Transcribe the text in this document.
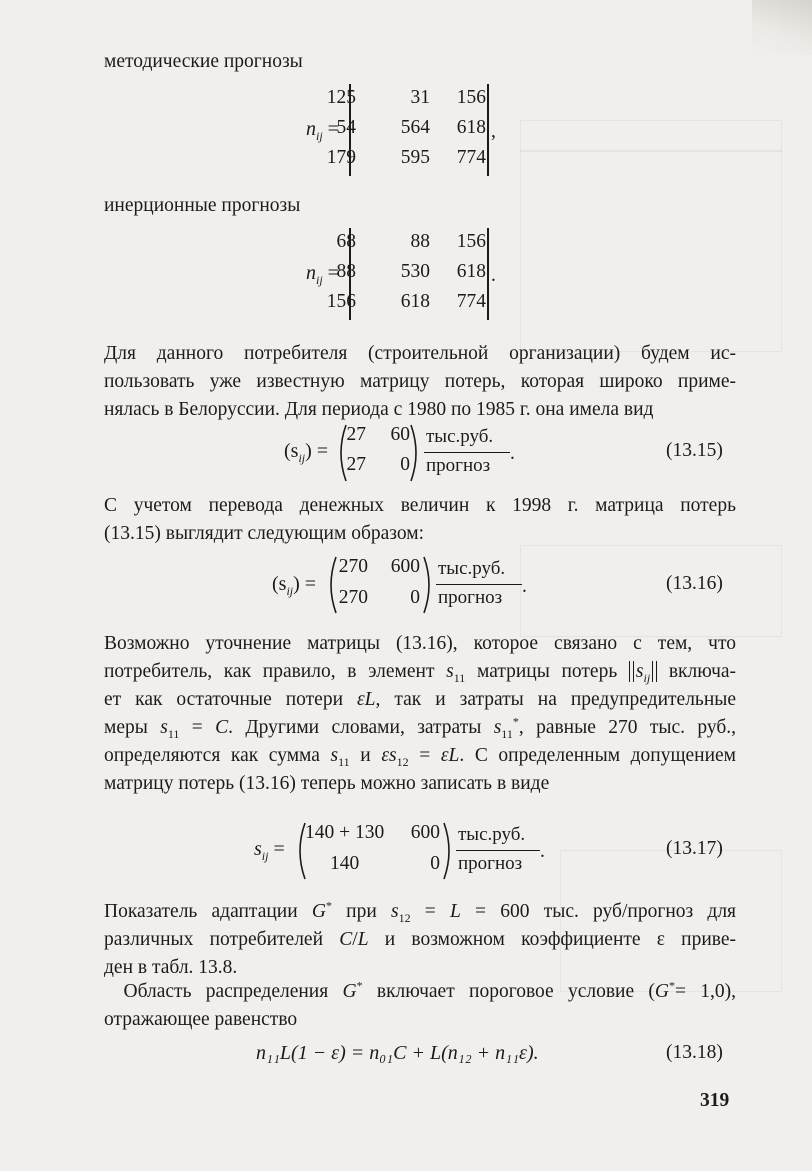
методические прогнозы
$n_{ij}$ =
125	31	156
54	564	618
179	595	774
,
инерционные прогнозы
$n_{ij}$ =
68	88	156
88	530	618
156	618	774
.
Для данного потребителя (строительной организации) будем ис-
пользовать уже известную матрицу потерь, которая широко приме-
нялась в Белоруссии. Для периода с 1980 по 1985 г. она имела вид
$(s_{ij})$ =
27	60
27	0
тыс.руб.
прогноз
.	(13.15)
С учетом перевода денежных величин к 1998 г. матрица потерь
(13.15) выглядит следующим образом:
$(s_{ij})$ =
270	600
270	0
тыс.руб.
прогноз
.	(13.16)
Возможно уточнение матрицы (13.16), которое связано с тем, что
потребитель, как правило, в элемент $s_{11}$ матрицы потерь $s_{ij}$ включа-
ет как остаточные потери εL, так и затраты на предупредительные
меры $s_{11} = C$. Другими словами, затраты $s_{11}^*$, равные 270 тыс. руб.,
определяются как сумма $s_{11}$ и $\varepsilon s_{12} = \varepsilon L$. С определенным допущением
матрицу потерь (13.16) теперь можно записать в виде
$s_{ij}$ =
140 + 130	600
140	0
тыс.руб.
прогноз
.	(13.17)
Показатель адаптации G* при $s_{12} = L = 600$ тыс. руб/прогноз для
различных потребителей C/L и возможном коэффициенте ε приве-
ден в табл. 13.8.
 Область распределения G* включает пороговое условие (G*= 1,0),
отражающее равенство
n₁₁L(1 − ε) = n₀₁C + L(n₁₂ + n₁₁ε).	(13.18)
319
